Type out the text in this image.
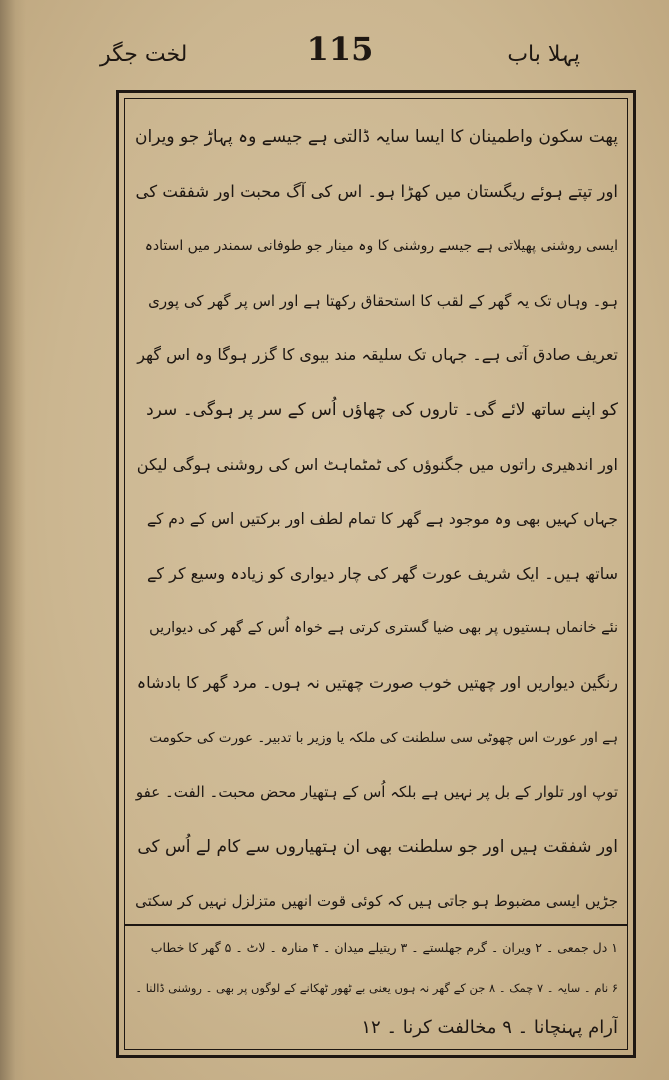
پہلا باب
115
لخت جگر
پھت سکون واطمینان کا ایسا سایہ ڈالتی ہے جیسے وہ پہاڑ جو ویران
اور تپتے ہوئے ریگستان میں کھڑا ہو۔ اس کی آگ محبت اور شفقت کی
ایسی روشنی پھیلاتی ہے جیسے روشنی کا وہ مینار جو طوفانی سمندر میں استادہ
ہو۔ وہاں تک یہ گھر کے لقب کا استحقاق رکھتا ہے اور اس پر گھر کی پوری
تعریف صادق آتی ہے۔ جہاں تک سلیقہ مند بیوی کا گزر ہوگا وہ اس گھر
کو اپنے ساتھ لائے گی۔ تاروں کی چھاؤں اُس کے سر پر ہوگی۔ سرد
اور اندھیری راتوں میں جگنوؤں کی ٹمٹماہٹ اس کی روشنی ہوگی لیکن
جہاں کہیں بھی وہ موجود ہے گھر کا تمام لطف اور برکتیں اس کے دم کے
ساتھ ہیں۔ ایک شریف عورت گھر کی چار دیواری کو زیادہ وسیع کر کے
نئے خانماں ہستیوں پر بھی ضیا گستری کرتی ہے خواہ اُس کے گھر کی دیواریں
رنگین دیواریں اور چھتیں خوب صورت چھتیں نہ ہوں۔ مرد گھر کا بادشاہ
ہے اور عورت اس چھوٹی سی سلطنت کی ملکہ یا وزیر با تدبیر۔ عورت کی حکومت
توپ اور تلوار کے بل پر نہیں ہے بلکہ اُس کے ہتھیار محض محبت۔ الفت۔ عفو
اور شفقت ہیں اور جو سلطنت بھی ان ہتھیاروں سے کام لے اُس کی
جڑیں ایسی مضبوط ہو جاتی ہیں کہ کوئی قوت انھیں متزلزل نہیں کر سکتی
۱ دل جمعی ۔ ۲ ویران ۔ گرم جھلستے ۔ ۳ ریتیلے میدان ۔ ۴ منارہ ۔ لاٹ ۔ ۵ گھر کا خطاب
۶ نام ۔ سایہ ۔ ۷ چمک ۔ ۸ جن کے گھر نہ ہوں یعنی بے ٹھور ٹھکانے کے لوگوں پر بھی ۔ روشنی ڈالنا ۔
آرام پہنچانا ۔ ۹ مخالفت کرنا ۔ ۱۲
